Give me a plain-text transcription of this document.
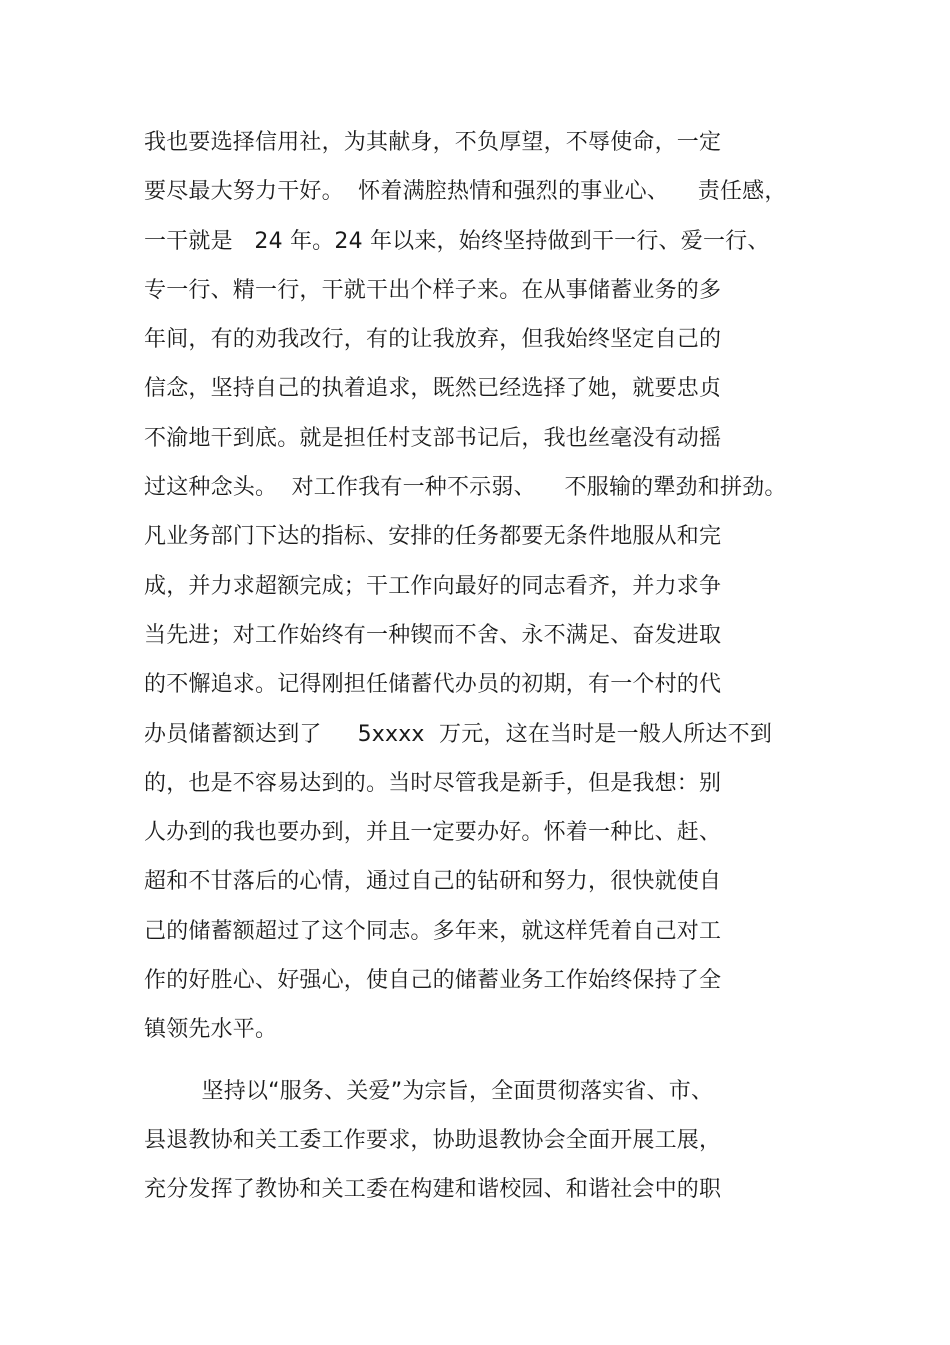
我也要选择信用社，为其献身，不负厚望，不辱使命，一定
要尽最大努力干好。  怀着满腔热情和强烈的事业心、    责任感，
一干就是   24 年。24 年以来，始终坚持做到干一行、爱一行、
专一行、精一行，干就干出个样子来。在从事储蓄业务的多
年间，有的劝我改行，有的让我放弃，但我始终坚定自己的
信念，坚持自己的执着追求，既然已经选择了她，就要忠贞
不渝地干到底。就是担任村支部书记后，我也丝毫没有动摇
过这种念头。  对工作我有一种不示弱、    不服输的犟劲和拼劲。
凡业务部门下达的指标、安排的任务都要无条件地服从和完
成，并力求超额完成；干工作向最好的同志看齐，并力求争
当先进；对工作始终有一种锲而不舍、永不满足、奋发进取
的不懈追求。记得刚担任储蓄代办员的初期，有一个村的代
办员储蓄额达到了     5xxxx  万元，这在当时是一般人所达不到
的，也是不容易达到的。当时尽管我是新手，但是我想：别
人办到的我也要办到，并且一定要办好。怀着一种比、赶、
超和不甘落后的心情，通过自己的钻研和努力，很快就使自
己的储蓄额超过了这个同志。多年来，就这样凭着自己对工
作的好胜心、好强心，使自己的储蓄业务工作始终保持了全
镇领先水平。
坚持以“服务、关爱”为宗旨，全面贯彻落实省、市、
县退教协和关工委工作要求，协助退教协会全面开展工展，
充分发挥了教协和关工委在构建和谐校园、和谐社会中的职
